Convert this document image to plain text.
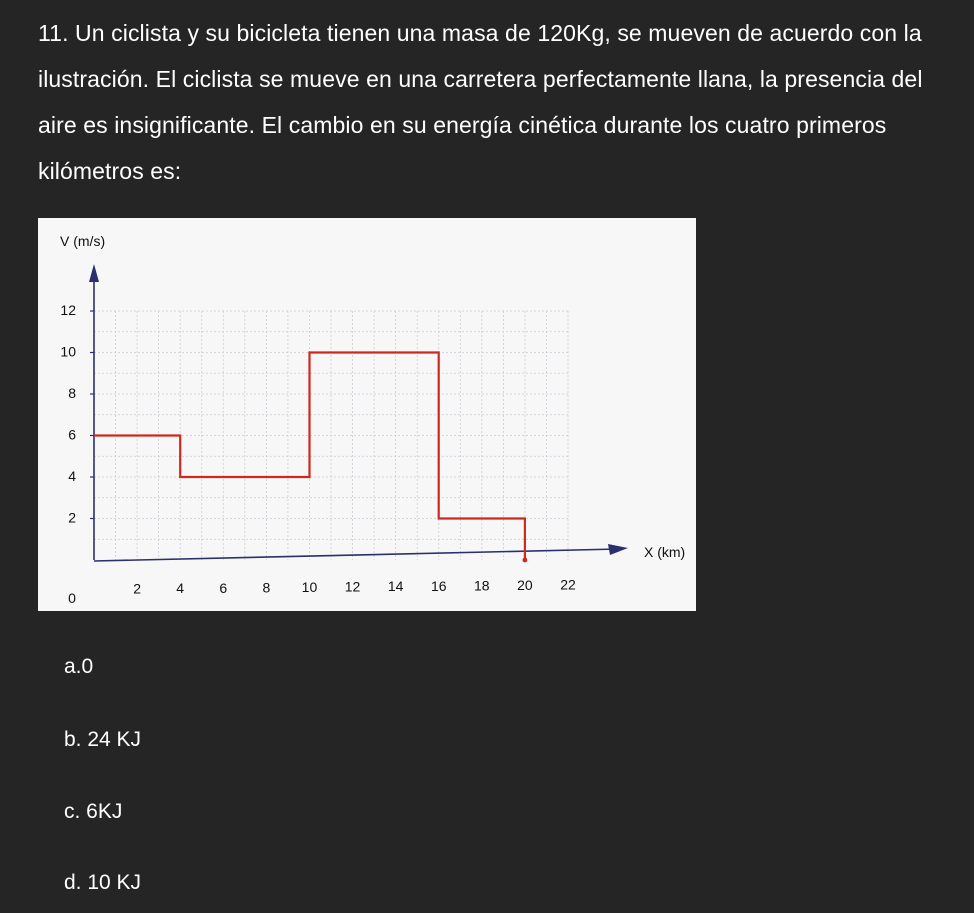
11. Un ciclista y su bicicleta tienen una masa de 120Kg, se mueven de acuerdo con la ilustración. El ciclista se mueve en una carretera perfectamente llana, la presencia del aire es insignificante. El cambio en su energía cinética durante los cuatro primeros kilómetros es:

0
2	4	6	8 10 12 14 16 18 20 22
2
4
6
8
10
12
V (m/s)
X (km)

a.0

b. 24 KJ

c. 6KJ

d. 10 KJ
